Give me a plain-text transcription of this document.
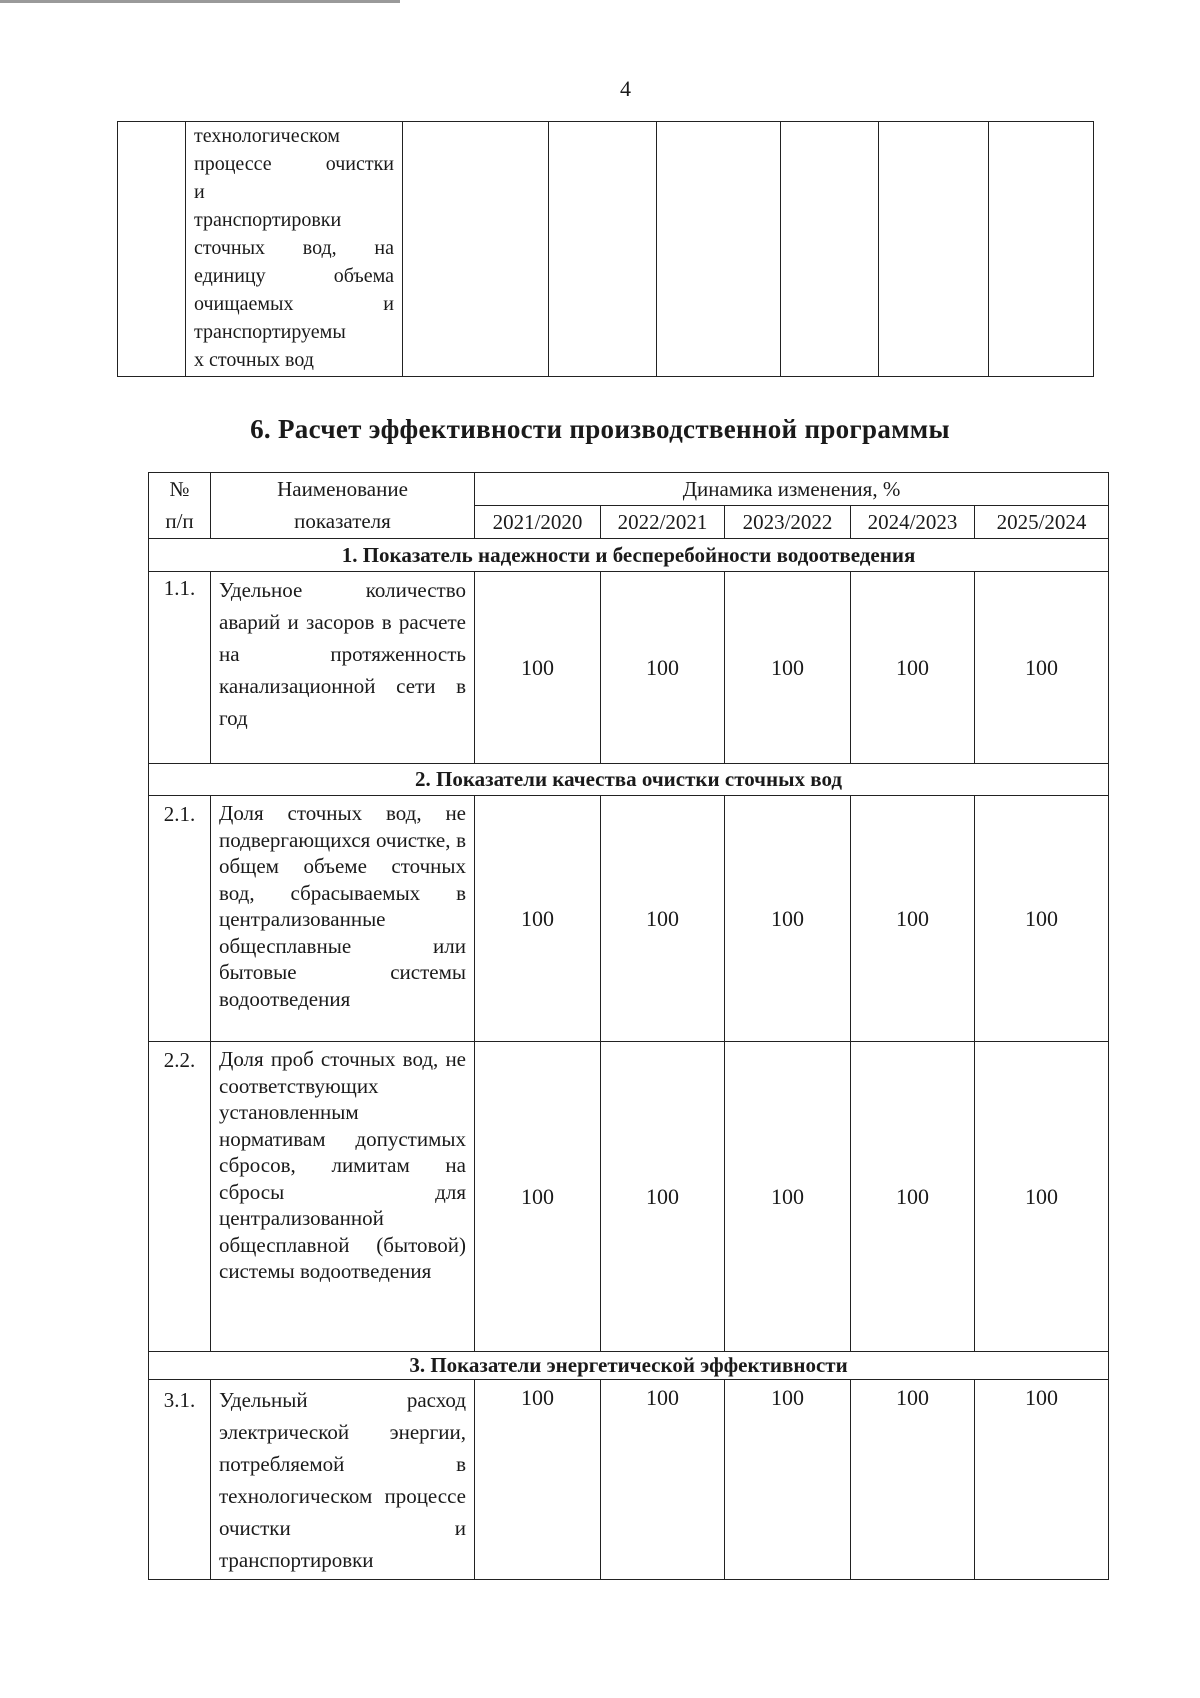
4

технологическом
процессе очистки
и
транспортировки
сточных вод, на
единицу объема
очищаемых и
транспортируемы
х сточных вод

6. Расчет эффективности производственной программы
№ п/п	Наименование показателя	Динамика изменения, %				
		2021/2020	2022/2021	2023/2022	2024/2023	2025/2024
1. Показатель надежности и бесперебойности водоотведения						
1.1.	Удельное количество аварий и засоров в расчете на протяженность канализационной сети в год	100	100	100	100	100
2. Показатели качества очистки сточных вод						
2.1.	Доля сточных вод, не подвергающихся очистке, в общем объеме сточных вод, сбрасываемых в централизованные общесплавные или бытовые системы водоотведения	100	100	100	100	100
2.2.	Доля проб сточных вод, не соответствующих установленным нормативам допустимых сбросов, лимитам на сбросы для централизованной общесплавной (бытовой) системы водоотведения	100	100	100	100	100
3. Показатели энергетической эффективности						
3.1.	Удельный расход электрической энергии, потребляемой в технологическом процессе очистки и транспортировки	100	100	100	100	100
